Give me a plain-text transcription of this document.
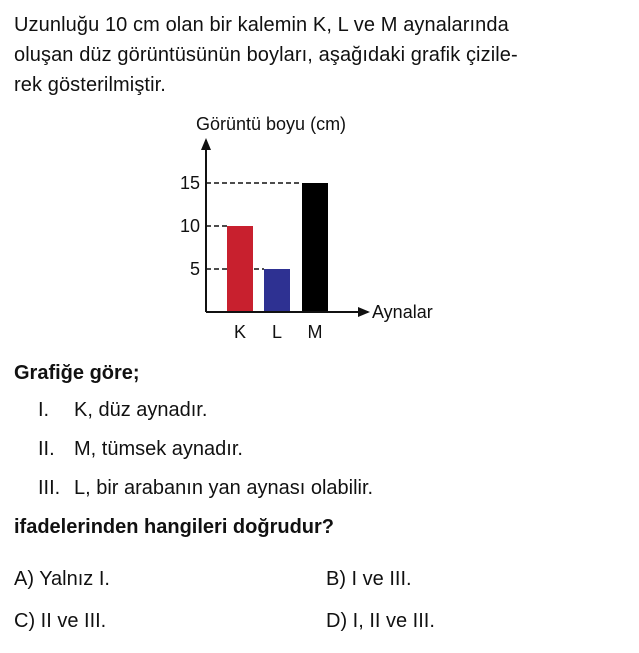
Uzunluğu 10 cm olan bir kalemin K, L ve M aynalarında
oluşan düz görüntüsünün boyları, aşağıdaki grafik çizile-
rek gösterilmiştir.
Görüntü boyu (cm)
5
10
15
K L M
Aynalar
Grafiğe göre;
I.	K, düz aynadır.
II. M, tümsek aynadır.
III. L, bir arabanın yan aynası olabilir.
ifadelerinden hangileri doğrudur?
A) Yalnız I.	B) I ve III.
C) II ve III.	D) I, II ve III.
